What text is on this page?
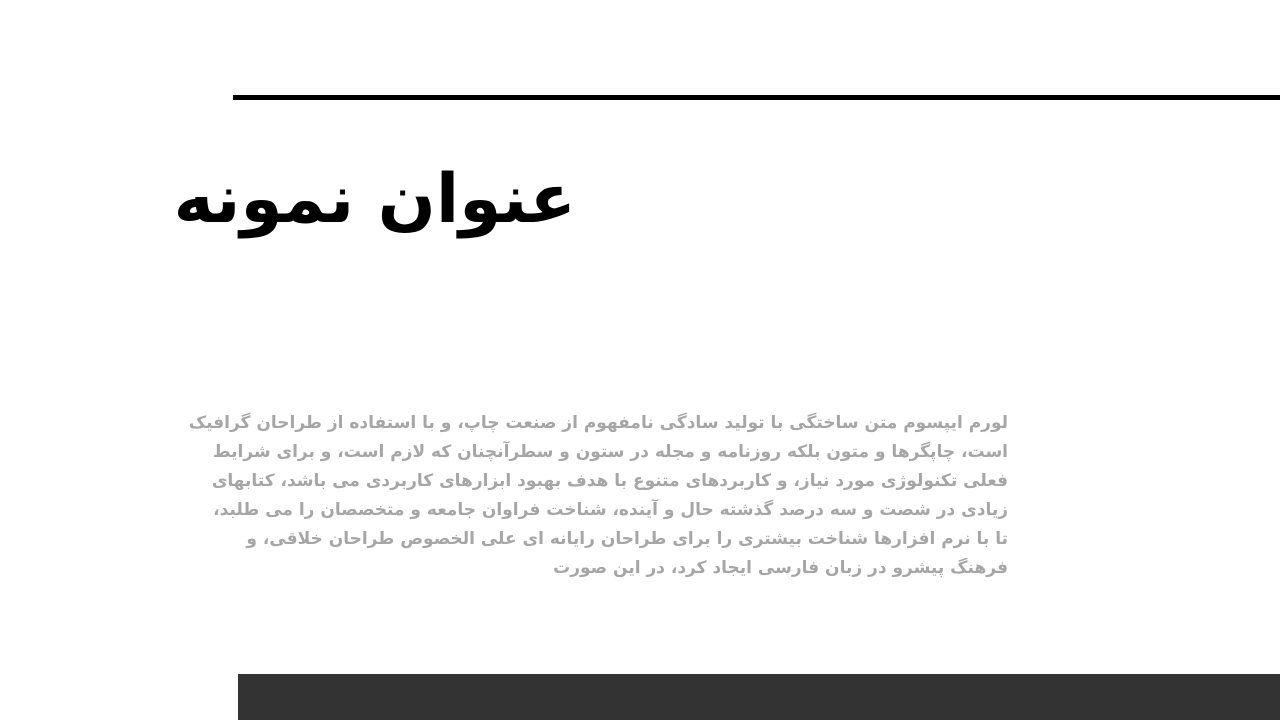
عنوان نمونه
لورم ایپسوم متن ساختگی با تولید سادگی نامفهوم از صنعت چاپ، و با استفاده از طراحان گرافیک
است، چاپگرها و متون بلکه روزنامه و مجله در ستون و سطرآنچنان که لازم است، و برای شرایط
فعلی تکنولوژی مورد نیاز، و کاربردهای متنوع با هدف بهبود ابزارهای کاربردی می باشد، کتابهای
زیادی در شصت و سه درصد گذشته حال و آینده، شناخت فراوان جامعه و متخصصان را می طلبد،
تا با نرم افزارها شناخت بیشتری را برای طراحان رایانه ای علی الخصوص طراحان خلاقی، و
فرهنگ پیشرو در زبان فارسی ایجاد کرد، در این صورت
